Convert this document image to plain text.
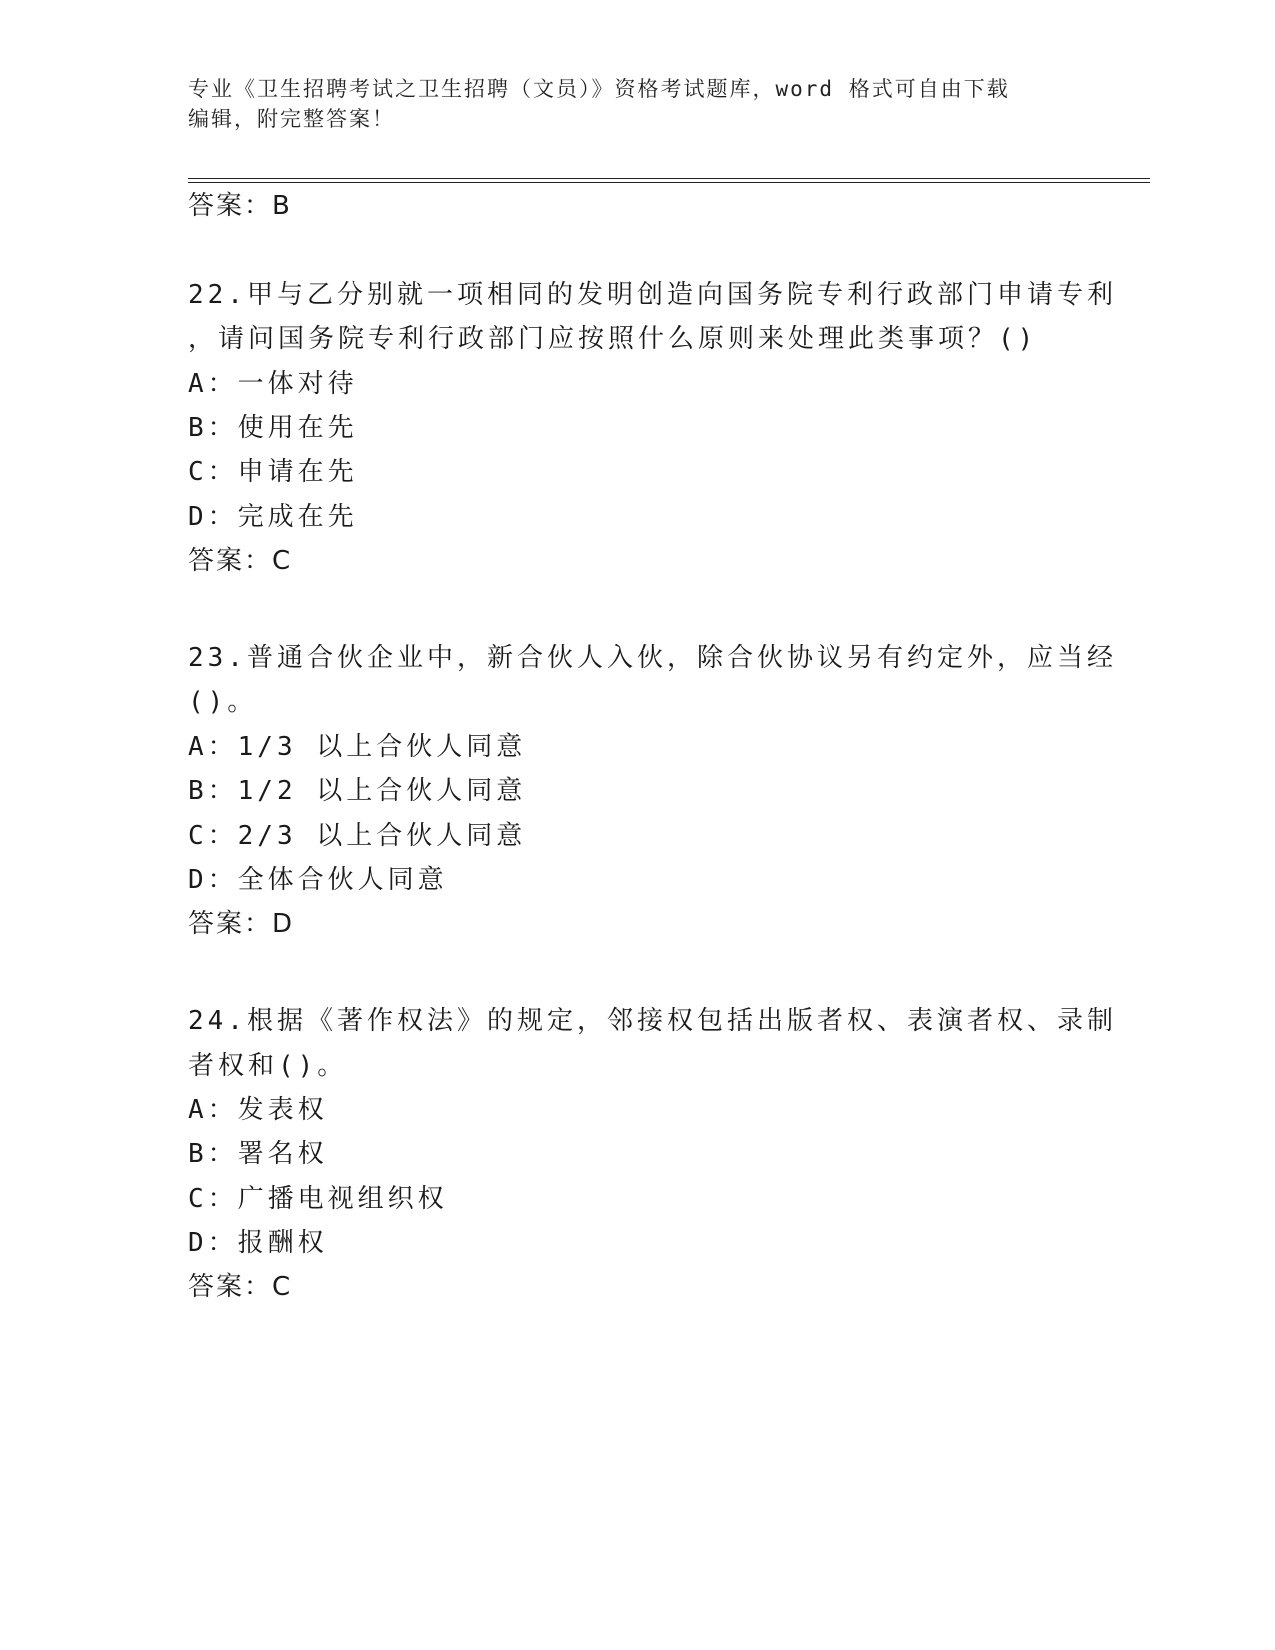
专业《卫生招聘考试之卫生招聘（文员）》资格考试题库，word 格式可自由下载
编辑，附完整答案！
答案：B
22.甲与乙分别就一项相同的发明创造向国务院专利行政部门申请专利
，请问国务院专利行政部门应按照什么原则来处理此类事项？()
A：一体对待
B：使用在先
C：申请在先
D：完成在先
答案：C
23.普通合伙企业中，新合伙人入伙，除合伙协议另有约定外，应当经
()。
A：1/3 以上合伙人同意
B：1/2 以上合伙人同意
C：2/3 以上合伙人同意
D：全体合伙人同意
答案：D
24.根据《著作权法》的规定，邻接权包括出版者权、表演者权、录制
者权和()。
A：发表权
B：署名权
C：广播电视组织权
D：报酬权
答案：C
